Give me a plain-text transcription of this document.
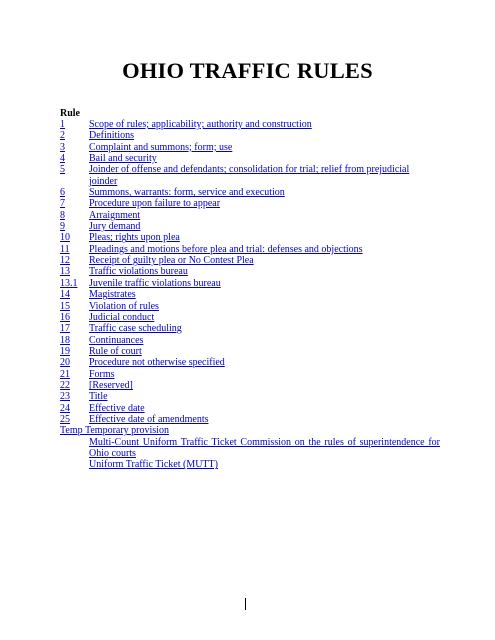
OHIO TRAFFIC RULES
Rule
1	Scope of rules; applicability; authority and construction
2	Definitions
3	Complaint and summons; form; use
4	Bail and security
5	Joinder of offense and defendants; consolidation for trial; relief from prejudicial joinder
6	Summons, warrants: form, service and execution
7	Procedure upon failure to appear
8	Arraignment
9	Jury demand
10	Pleas; rights upon plea
11	Pleadings and motions before plea and trial: defenses and objections
12	Receipt of guilty plea or No Contest Plea
13	Traffic violations bureau
13.1	Juvenile traffic violations bureau
14	Magistrates
15	Violation of rules
16	Judicial conduct
17	Traffic case scheduling
18	Continuances
19	Rule of court
20	Procedure not otherwise specified
21	Forms
22	[Reserved]
23	Title
24	Effective date
25	Effective date of amendments
Temp Temporary provision
Multi-Count Uniform Traffic Ticket Commission on the rules of superintendence for Ohio courts
Uniform Traffic Ticket (MUTT)
